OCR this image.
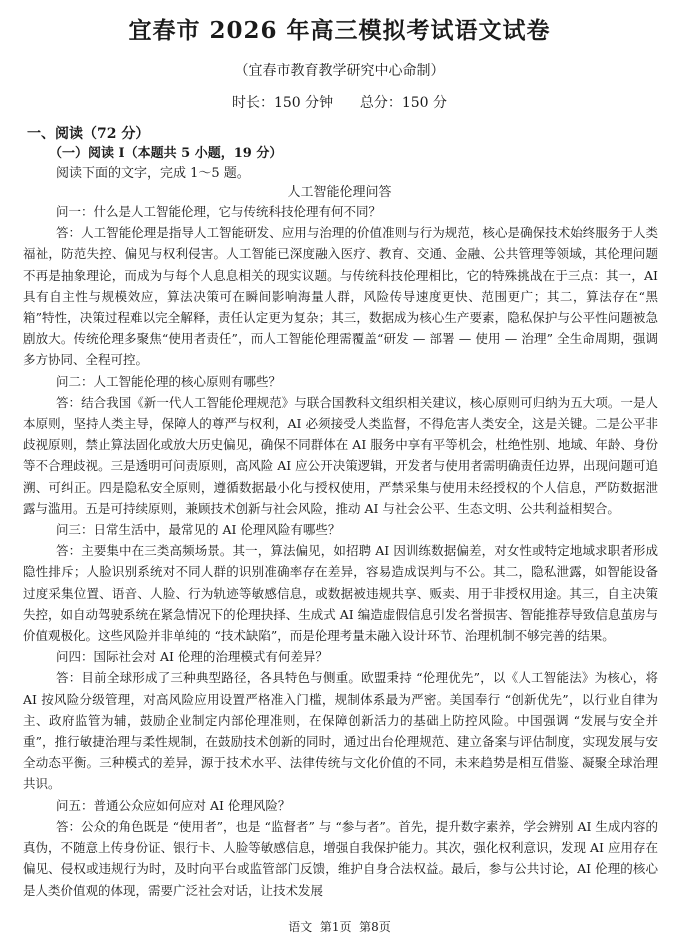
宜春市 2026 年高三模拟考试语文试卷
（宜春市教育教学研究中心命制）
时长：150 分钟 总分：150 分
一、阅读（72 分）
（一）阅读 Ⅰ（本题共 5 小题，19 分）
阅读下面的文字，完成 1～5 题。
人工智能伦理问答

问一：什么是人工智能伦理，它与传统科技伦理有何不同？

答：人工智能伦理是指导人工智能研发、应用与治理的价值准则与行为规范，核心是确保技术始终服务于人类福祉，防范失控、偏见与权利侵害。人工智能已深度融入医疗、教育、交通、金融、公共管理等领域，其伦理问题不再是抽象理论，而成为与每个人息息相关的现实议题。与传统科技伦理相比，它的特殊挑战在于三点：其一，AI 具有自主性与规模效应，算法决策可在瞬间影响海量人群，风险传导速度更快、范围更广；其二，算法存在“黑箱”特性，决策过程难以完全解释，责任认定更为复杂；其三，数据成为核心生产要素，隐私保护与公平性问题被急剧放大。传统伦理多聚焦“使用者责任”，而人工智能伦理需覆盖“研发 — 部署 — 使用 — 治理” 全生命周期，强调多方协同、全程可控。

问二：人工智能伦理的核心原则有哪些？

答：结合我国《新一代人工智能伦理规范》与联合国教科文组织相关建议，核心原则可归纳为五大项。一是人本原则，坚持人类主导，保障人的尊严与权利，AI 必须接受人类监督，不得危害人类安全，这是关键。二是公平非歧视原则，禁止算法固化或放大历史偏见，确保不同群体在 AI 服务中享有平等机会，杜绝性别、地域、年龄、身份等不合理歧视。三是透明可问责原则，高风险 AI 应公开决策逻辑，开发者与使用者需明确责任边界，出现问题可追溯、可纠正。四是隐私安全原则，遵循数据最小化与授权使用，严禁采集与使用未经授权的个人信息，严防数据泄露与滥用。五是可持续原则，兼顾技术创新与社会风险，推动 AI 与社会公平、生态文明、公共利益相契合。

问三：日常生活中，最常见的 AI 伦理风险有哪些？

答：主要集中在三类高频场景。其一，算法偏见，如招聘 AI 因训练数据偏差，对女性或特定地域求职者形成隐性排斥；人脸识别系统对不同人群的识别准确率存在差异，容易造成误判与不公。其二，隐私泄露，如智能设备过度采集位置、语音、人脸、行为轨迹等敏感信息，或数据被违规共享、贩卖、用于非授权用途。其三，自主决策失控，如自动驾驶系统在紧急情况下的伦理抉择、生成式 AI 编造虚假信息引发名誉损害、智能推荐导致信息茧房与价值观极化。这些风险并非单纯的 “技术缺陷”，而是伦理考量未融入设计环节、治理机制不够完善的结果。

问四：国际社会对 AI 伦理的治理模式有何差异？

答：目前全球形成了三种典型路径，各具特色与侧重。欧盟秉持 “伦理优先”，以《人工智能法》为核心，将 AI 按风险分级管理，对高风险应用设置严格准入门槛，规制体系最为严密。美国奉行 “创新优先”，以行业自律为主、政府监管为辅，鼓励企业制定内部伦理准则，在保障创新活力的基础上防控风险。中国强调 “发展与安全并重”，推行敏捷治理与柔性规制，在鼓励技术创新的同时，通过出台伦理规范、建立备案与评估制度，实现发展与安全动态平衡。三种模式的差异，源于技术水平、法律传统与文化价值的不同，未来趋势是相互借鉴、凝聚全球治理共识。

问五：普通公众应如何应对 AI 伦理风险？

答：公众的角色既是 “使用者”，也是 “监督者” 与 “参与者”。首先，提升数字素养，学会辨别 AI 生成内容的真伪，不随意上传身份证、银行卡、人脸等敏感信息，增强自我保护能力。其次，强化权利意识，发现 AI 应用存在偏见、侵权或违规行为时，及时向平台或监管部门反馈，维护自身合法权益。最后，参与公共讨论，AI 伦理的核心是人类价值观的体现，需要广泛社会对话，让技术发展

语文 第1页 第8页
